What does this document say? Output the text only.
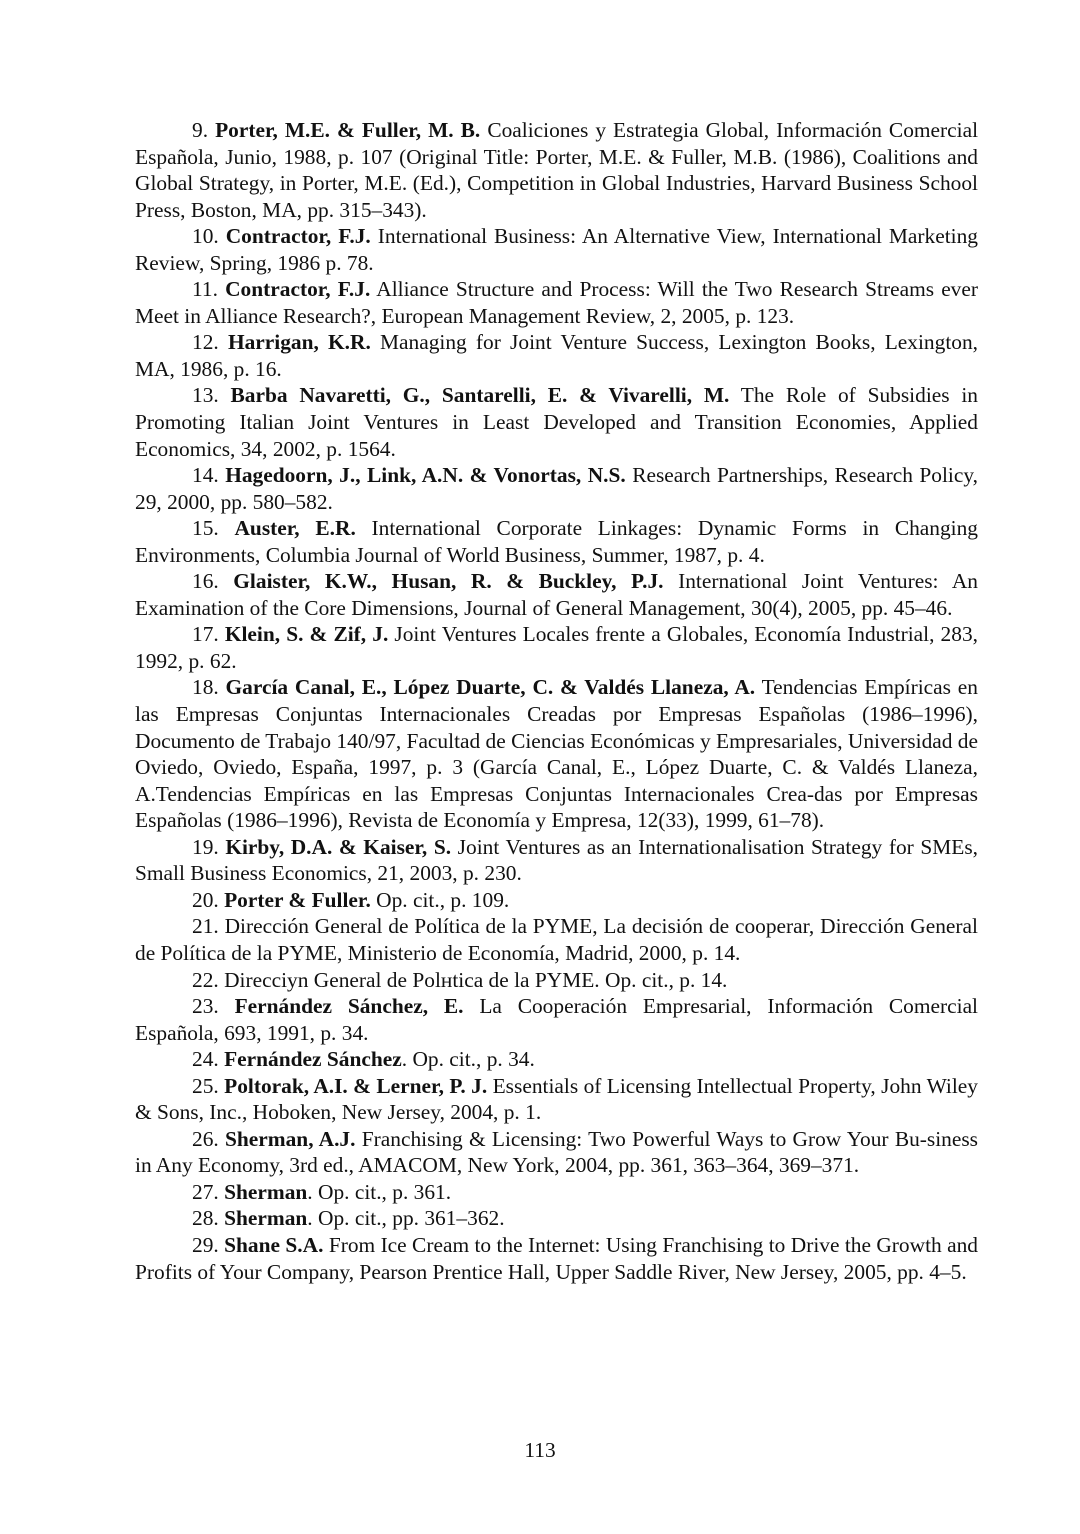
9. Porter, M.E. & Fuller, M. B. Coaliciones y Estrategia Global, Información Comercial Española, Junio, 1988, p. 107 (Original Title: Porter, M.E. & Fuller, M.B. (1986), Coalitions and Global Strategy, in Porter, M.E. (Ed.), Competition in Global Industries, Harvard Business School Press, Boston, MA, pp. 315–343).

10. Contractor, F.J. International Business: An Alternative View, International Marketing Review, Spring, 1986 p. 78.

11. Contractor, F.J. Alliance Structure and Process: Will the Two Research Streams ever Meet in Alliance Research?, European Management Review, 2, 2005, p. 123.

12. Harrigan, K.R. Managing for Joint Venture Success, Lexington Books, Lexington, MA, 1986, p. 16.

13. Barba Navaretti, G., Santarelli, E. & Vivarelli, M. The Role of Subsidies in Promoting Italian Joint Ventures in Least Developed and Transition Economies, Applied Economics, 34, 2002, p. 1564.

14. Hagedoorn, J., Link, A.N. & Vonortas, N.S. Research Partnerships, Research Policy, 29, 2000, pp. 580–582.

15. Auster, E.R. International Corporate Linkages: Dynamic Forms in Changing Environments, Columbia Journal of World Business, Summer, 1987, p. 4.

16. Glaister, K.W., Husan, R. & Buckley, P.J. International Joint Ventures: An Examination of the Core Dimensions, Journal of General Management, 30(4), 2005, pp. 45–46.

17. Klein, S. & Zif, J. Joint Ventures Locales frente a Globales, Economía Industrial, 283, 1992, p. 62.

18. García Canal, E., López Duarte, C. & Valdés Llaneza, A. Tendencias Empíricas en las Empresas Conjuntas Internacionales Creadas por Empresas Españolas (1986–1996), Documento de Trabajo 140/97, Facultad de Ciencias Económicas y Empresariales, Universidad de Oviedo, Oviedo, España, 1997, p. 3 (García Canal, E., López Duarte, C. & Valdés Llaneza, A.Tendencias Empíricas en las Empresas Conjuntas Internacionales Crea-das por Empresas Españolas (1986–1996), Revista de Economía y Empresa, 12(33), 1999, 61–78).

19. Kirby, D.A. & Kaiser, S. Joint Ventures as an Internationalisation Strategy for SMEs, Small Business Economics, 21, 2003, p. 230.

20. Porter & Fuller. Op. cit., p. 109.

21. Dirección General de Política de la PYME, La decisión de cooperar, Dirección General de Política de la PYME, Ministerio de Economía, Madrid, 2000, p. 14.

22. Direcciyn General de Polнtica de la PYME. Op. cit., p. 14.

23. Fernández Sánchez, E. La Cooperación Empresarial, Información Comercial Española, 693, 1991, p. 34.

24. Fernández Sánchez. Op. cit., p. 34.

25. Poltorak, A.I. & Lerner, P. J. Essentials of Licensing Intellectual Property, John Wiley & Sons, Inc., Hoboken, New Jersey, 2004, p. 1.

26. Sherman, A.J. Franchising & Licensing: Two Powerful Ways to Grow Your Bu-siness in Any Economy, 3rd ed., AMACOM, New York, 2004, pp. 361, 363–364, 369–371.

27. Sherman. Op. cit., p. 361.

28. Sherman. Op. cit., pp. 361–362.

29. Shane S.A. From Ice Cream to the Internet: Using Franchising to Drive the Growth and Profits of Your Company, Pearson Prentice Hall, Upper Saddle River, New Jersey, 2005, pp. 4–5.

113
